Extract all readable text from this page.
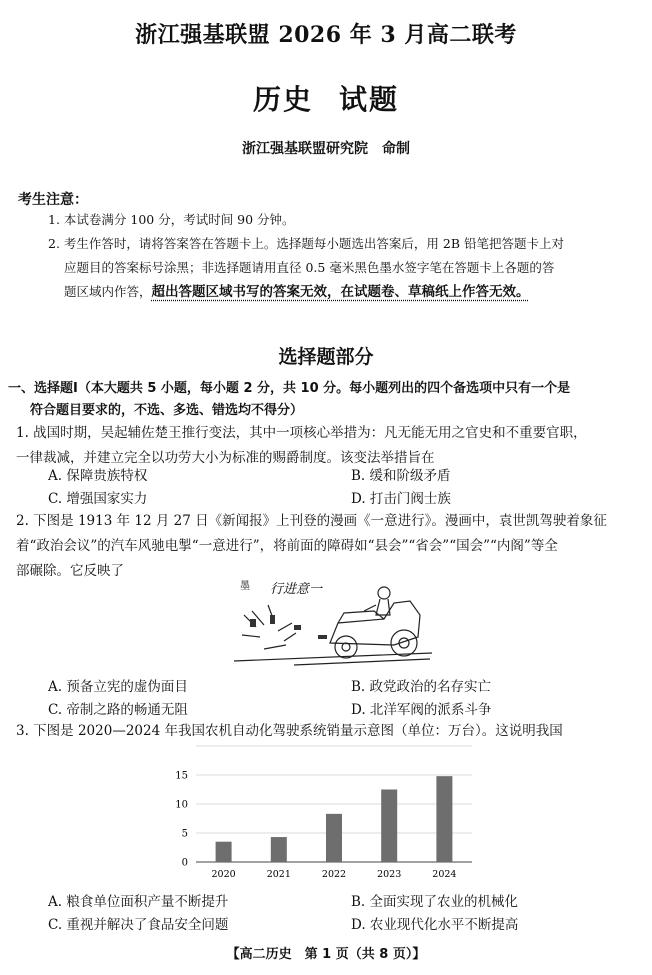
浙江强基联盟 2026 年 3 月高二联考
历史 试题
浙江强基联盟研究院 命制
考生注意：
1. 本试卷满分 100 分，考试时间 90 分钟。
2. 考生作答时，请将答案答在答题卡上。选择题每小题选出答案后，用 2B 铅笔把答题卡上对
应题目的答案标号涂黑；非选择题请用直径 0.5 毫米黑色墨水签字笔在答题卡上各题的答
题区域内作答，超出答题区域书写的答案无效，在试题卷、草稿纸上作答无效。
选择题部分
一、选择题Ⅰ（本大题共 5 小题，每小题 2 分，共 10 分。每小题列出的四个备选项中只有一个是
符合题目要求的，不选、多选、错选均不得分）
1. 战国时期，吴起辅佐楚王推行变法，其中一项核心举措为：凡无能无用之官史和不重要官职，
一律裁减，并建立完全以功劳大小为标准的赐爵制度。该变法举措旨在
A. 保障贵族特权	B. 缓和阶级矛盾
C. 增强国家实力	D. 打击门阀士族
2. 下图是 1913 年 12 月 27 日《新闻报》上刊登的漫画《一意进行》。漫画中，袁世凯驾驶着象征
着“政治会议”的汽车风驰电掣“一意进行”，将前面的障碍如“县会”“省会”“国会”“内阁”等全
部碾除。它反映了
墨 行进意一
A. 预备立宪的虚伪面目	B. 政党政治的名存实亡
C. 帝制之路的畅通无阻	D. 北洋军阀的派系斗争
3. 下图是 2020—2024 年我国农机自动化驾驶系统销量示意图（单位：万台）。这说明我国
0
5
10
15
2020	2021	2022	2023	2024
A. 粮食单位面积产量不断提升	B. 全面实现了农业的机械化
C. 重视并解决了食品安全问题	D. 农业现代化水平不断提高
【高二历史　第 1 页（共 8 页）】
